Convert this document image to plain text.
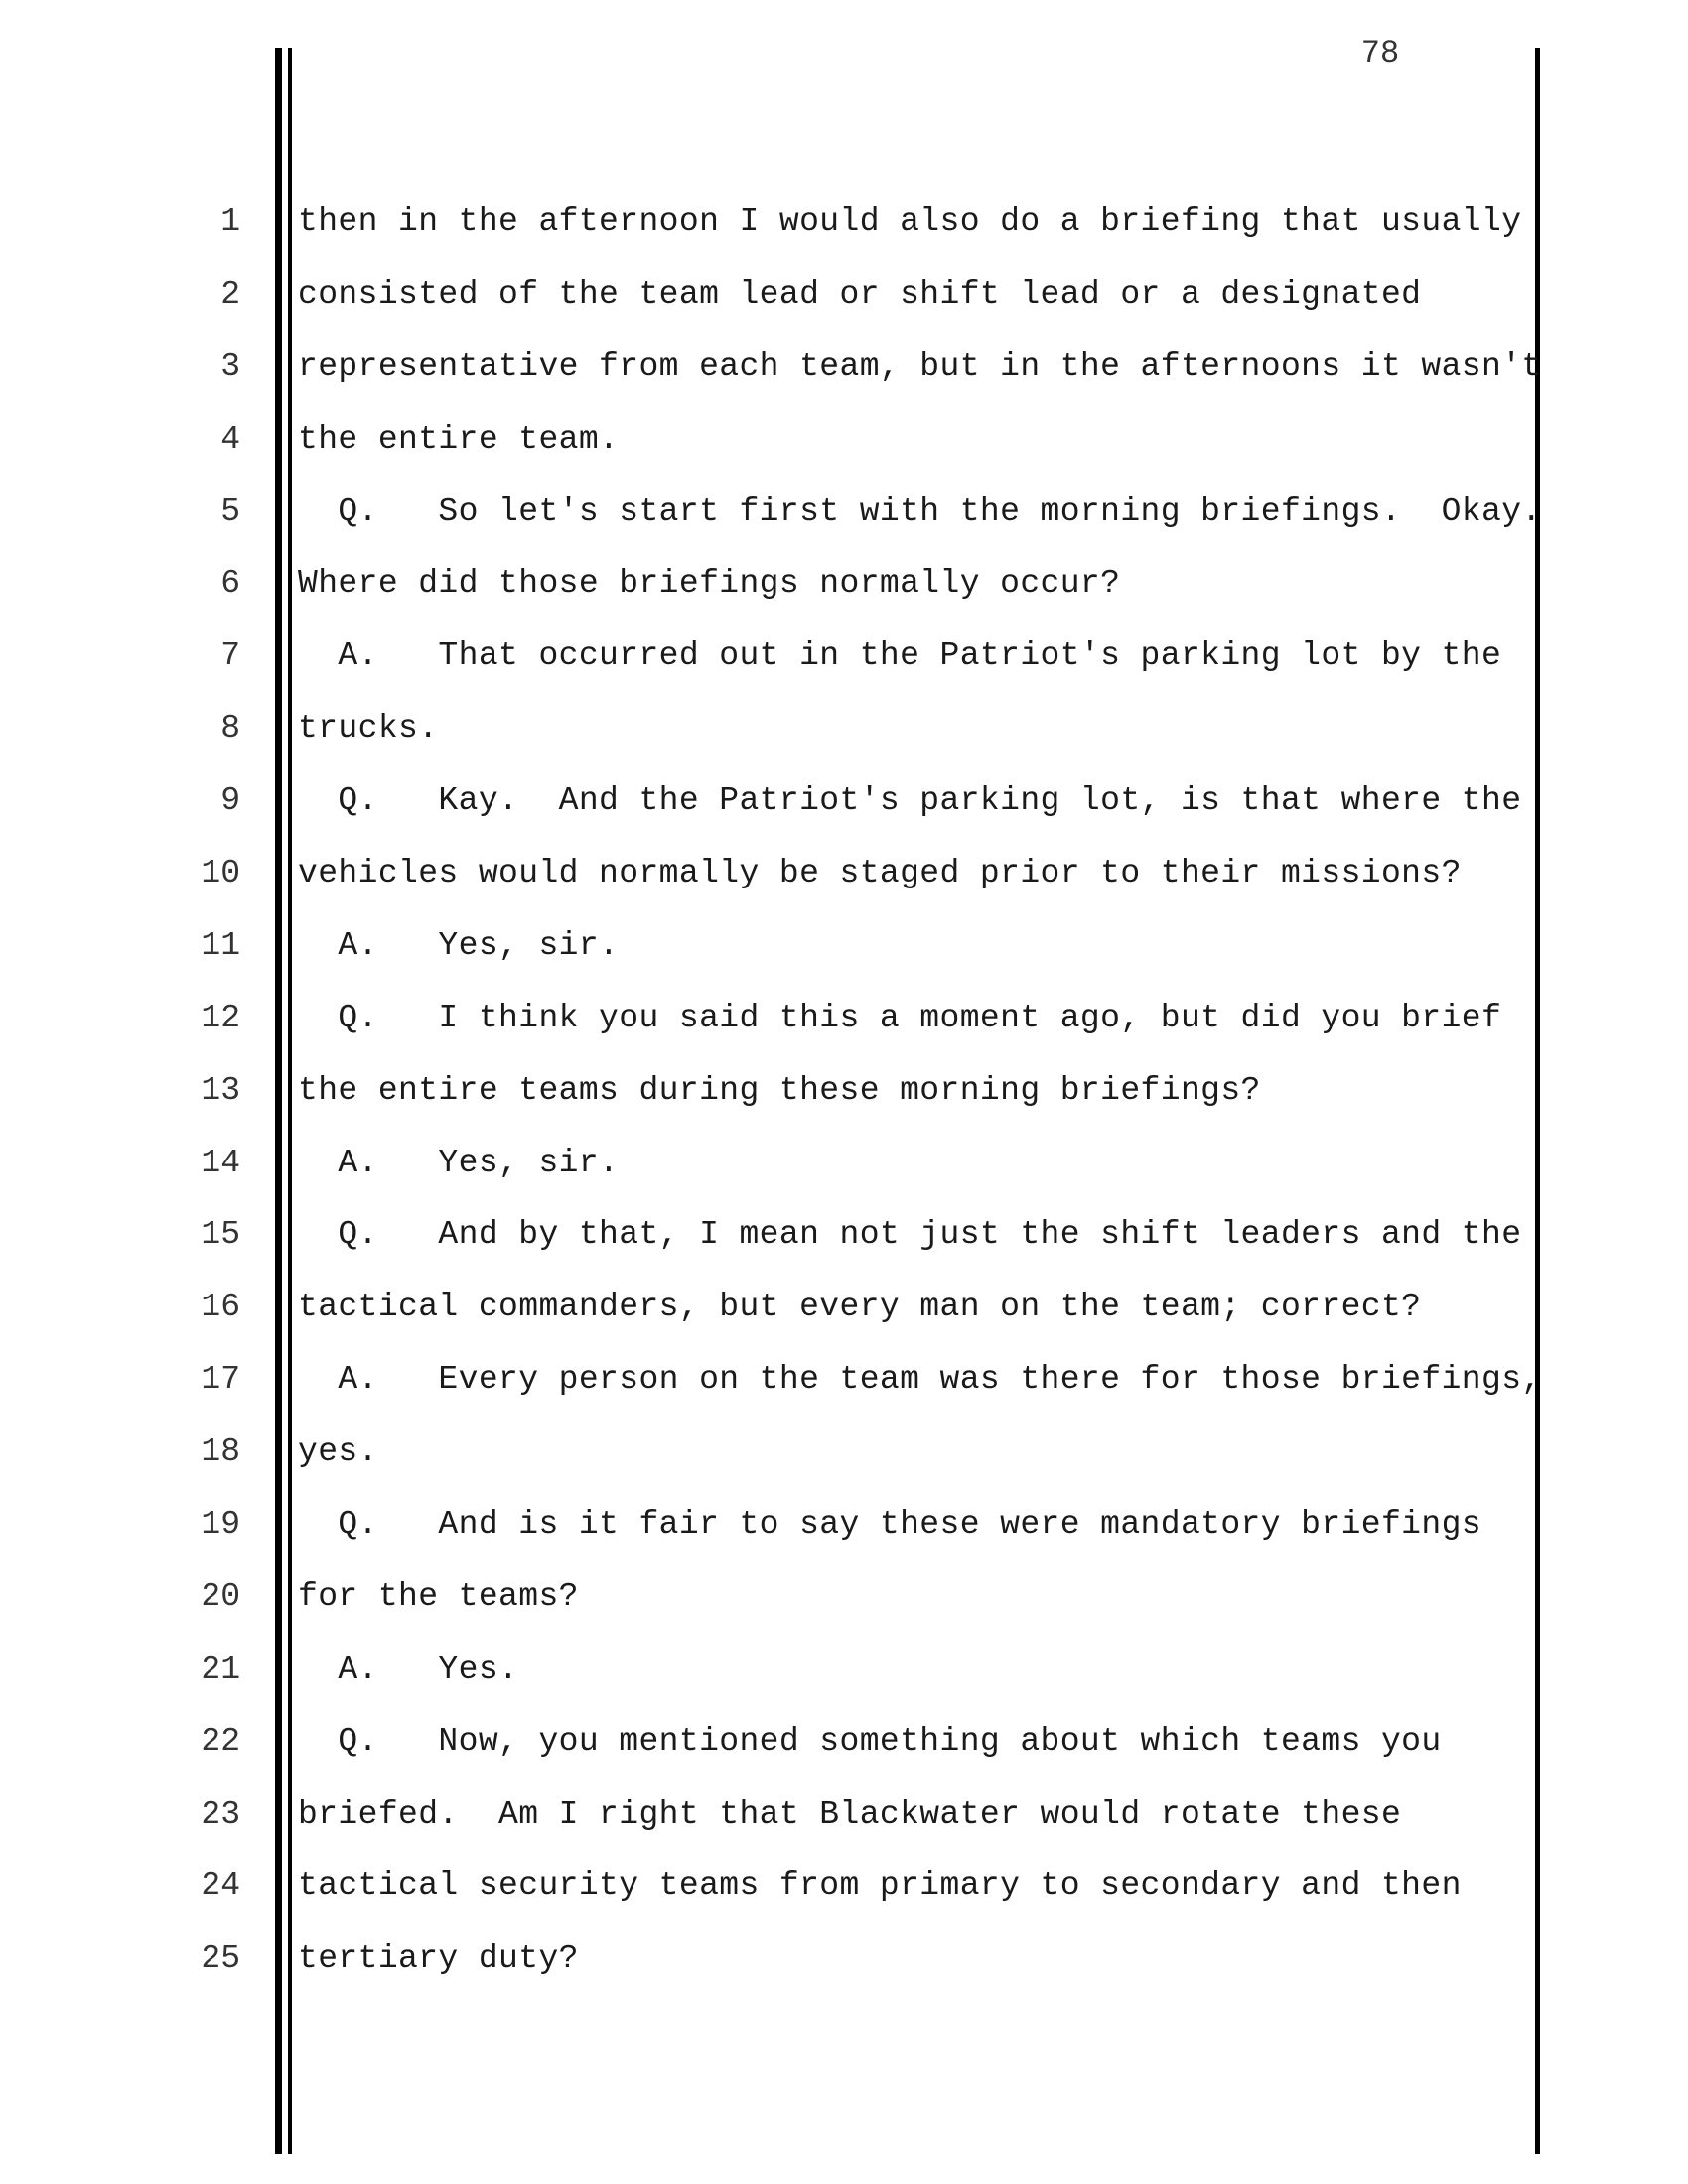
78
1 then in the afternoon I would also do a briefing that usually
2 consisted of the team lead or shift lead or a designated
3 representative from each team, but in the afternoons it wasn't
4 the entire team.
5 Q.   So let's start first with the morning briefings.  Okay.
6 Where did those briefings normally occur?
7 A.   That occurred out in the Patriot's parking lot by the
8 trucks.
9 Q.   Kay.  And the Patriot's parking lot, is that where the
10 vehicles would normally be staged prior to their missions?
11 A.   Yes, sir.
12 Q.   I think you said this a moment ago, but did you brief
13 the entire teams during these morning briefings?
14 A.   Yes, sir.
15 Q.   And by that, I mean not just the shift leaders and the
16 tactical commanders, but every man on the team; correct?
17 A.   Every person on the team was there for those briefings,
18 yes.
19 Q.   And is it fair to say these were mandatory briefings
20 for the teams?
21 A.   Yes.
22 Q.   Now, you mentioned something about which teams you
23 briefed.  Am I right that Blackwater would rotate these
24 tactical security teams from primary to secondary and then
25 tertiary duty?
